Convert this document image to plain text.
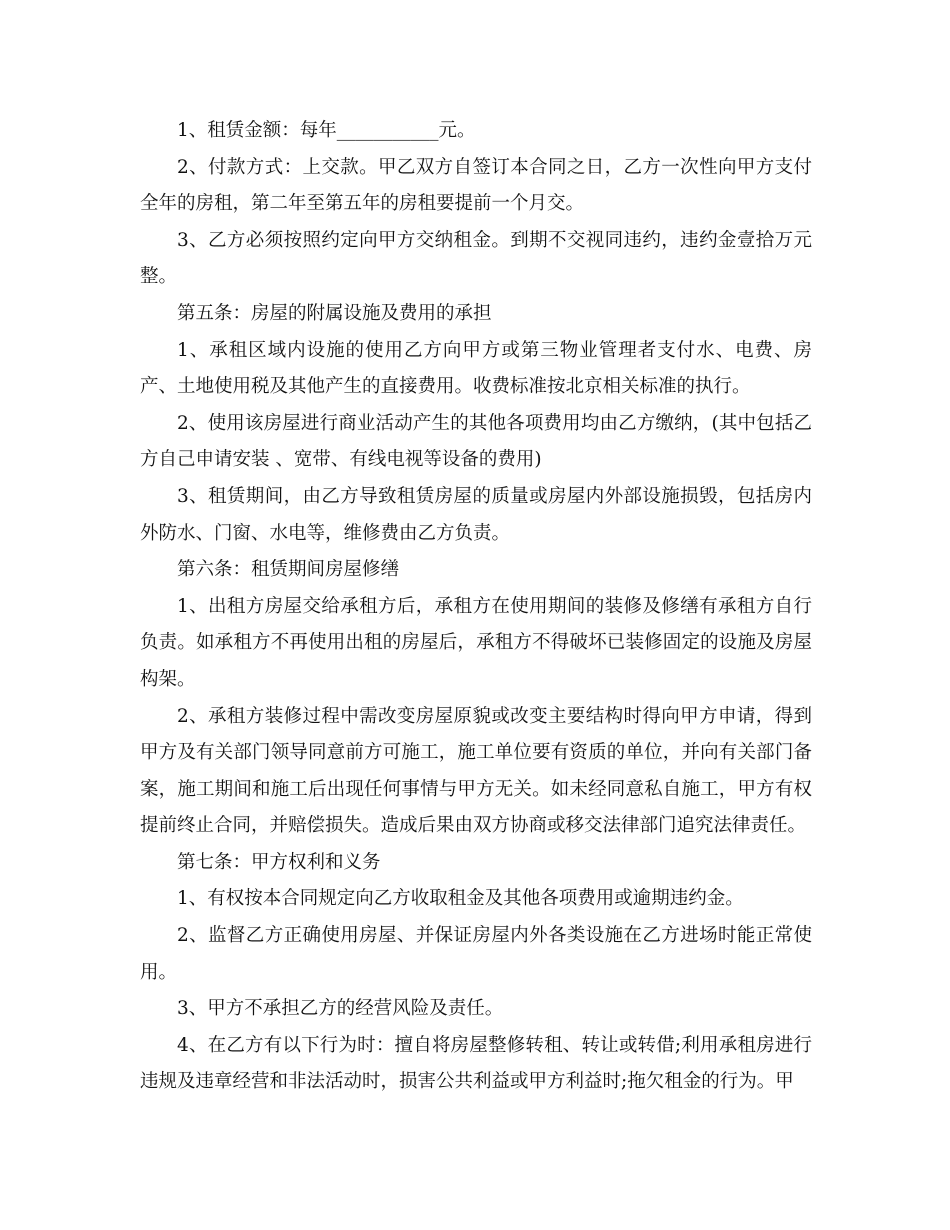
1、租赁金额：每年___________元。

2、付款方式：上交款。甲乙双方自签订本合同之日，乙方一次性向甲方支付全年的房租，第二年至第五年的房租要提前一个月交。

3、乙方必须按照约定向甲方交纳租金。到期不交视同违约，违约金壹拾万元整。

第五条：房屋的附属设施及费用的承担

1、承租区域内设施的使用乙方向甲方或第三物业管理者支付水、电费、房产、土地使用税及其他产生的直接费用。收费标准按北京相关标准的执行。

2、使用该房屋进行商业活动产生的其他各项费用均由乙方缴纳，(其中包括乙方自己申请安装 、宽带、有线电视等设备的费用)

3、租赁期间，由乙方导致租赁房屋的质量或房屋内外部设施损毁，包括房内外防水、门窗、水电等，维修费由乙方负责。

第六条：租赁期间房屋修缮

1、出租方房屋交给承租方后，承租方在使用期间的装修及修缮有承租方自行负责。如承租方不再使用出租的房屋后，承租方不得破坏已装修固定的设施及房屋构架。

2、承租方装修过程中需改变房屋原貌或改变主要结构时得向甲方申请，得到甲方及有关部门领导同意前方可施工，施工单位要有资质的单位，并向有关部门备案，施工期间和施工后出现任何事情与甲方无关。如未经同意私自施工，甲方有权提前终止合同，并赔偿损失。造成后果由双方协商或移交法律部门追究法律责任。

第七条：甲方权利和义务

1、有权按本合同规定向乙方收取租金及其他各项费用或逾期违约金。

2、监督乙方正确使用房屋、并保证房屋内外各类设施在乙方进场时能正常使用。

3、甲方不承担乙方的经营风险及责任。

4、在乙方有以下行为时：擅自将房屋整修转租、转让或转借;利用承租房进行违规及违章经营和非法活动时，损害公共利益或甲方利益时;拖欠租金的行为。甲
